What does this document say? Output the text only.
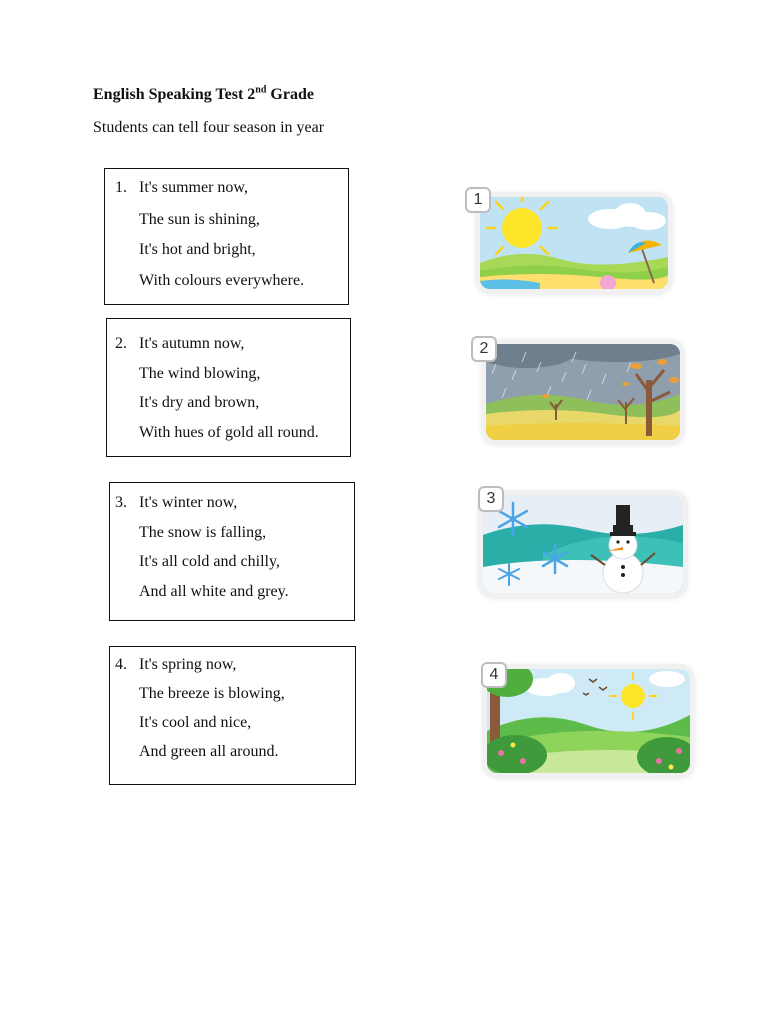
English Speaking Test 2nd Grade
Students can tell four season in year
1. It's summer now,
The sun is shining,
It's hot and bright,
With colours everywhere.
2. It's autumn now,
The wind blowing,
It's dry and brown,
With hues of gold all round.
3. It's winter now,
The snow is falling,
It's all cold and chilly,
And all white and grey.
4. It's spring now,
The breeze is blowing,
It's cool and nice,
And green all around.
1
2
3
4
